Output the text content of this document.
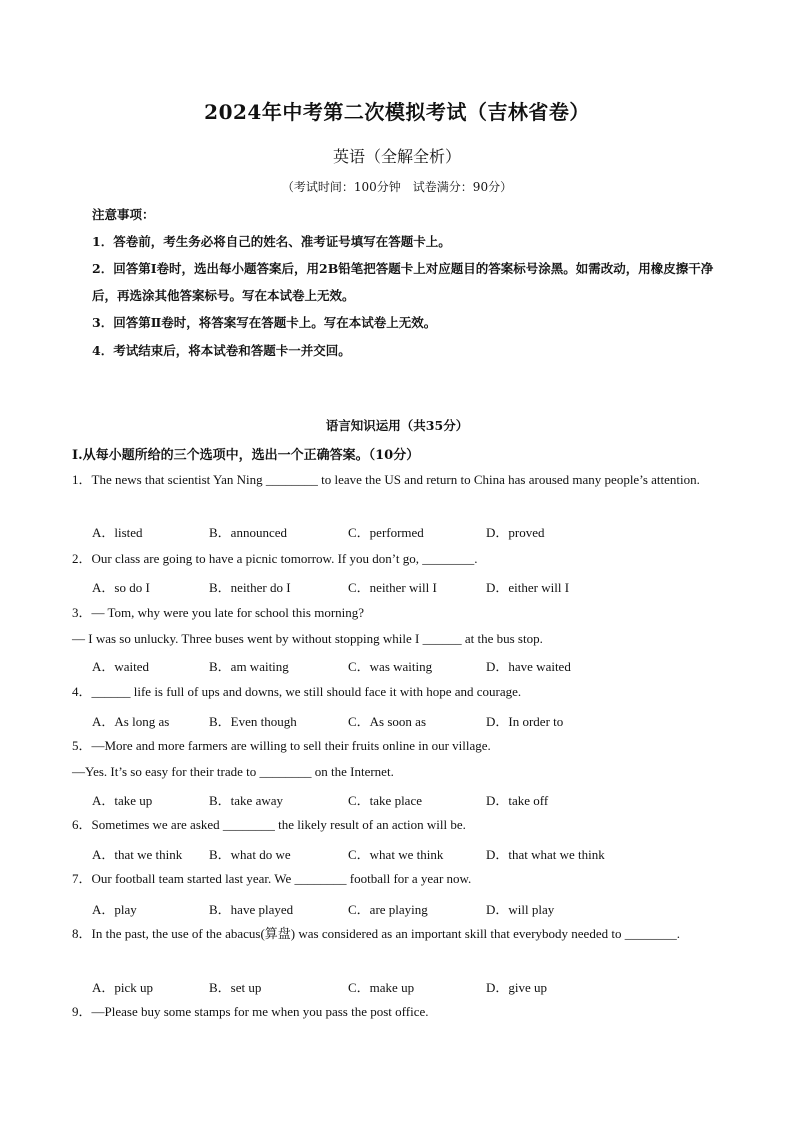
2024年中考第二次模拟考试（吉林省卷）
英语（全解全析）
（考试时间：100分钟　试卷满分：90分）
注意事项：
1．答卷前，考生务必将自己的姓名、准考证号填写在答题卡上。
2．回答第Ⅰ卷时，选出每小题答案后，用2B铅笔把答题卡上对应题目的答案标号涂黑。如需改动，用橡皮擦干净后，再选涂其他答案标号。写在本试卷上无效。
3．回答第Ⅱ卷时，将答案写在答题卡上。写在本试卷上无效。
4．考试结束后，将本试卷和答题卡一并交回。
语言知识运用（共35分）
I.从每小题所给的三个选项中，选出一个正确答案。（10分）
1．The news that scientist Yan Ning ________ to leave the US and return to China has aroused many people’s attention.
A．listed	B．announced	C．performed	D．proved
2．Our class are going to have a picnic tomorrow. If you don’t go, ________.
A．so do I	B．neither do I	C．neither will I	D．either will I
3．— Tom, why were you late for school this morning?
— I was so unlucky. Three buses went by without stopping while I ______ at the bus stop.
A．waited	B．am waiting	C．was waiting	D．have waited
4．______ life is full of ups and downs, we still should face it with hope and courage.
A．As long as	B．Even though	C．As soon as	D．In order to
5．—More and more farmers are willing to sell their fruits online in our village.
—Yes. It’s so easy for their trade to ________ on the Internet.
A．take up	B．take away	C．take place	D．take off
6．Sometimes we are asked ________ the likely result of an action will be.
A．that we think B．what do we	C．what we think	D．that what we think
7．Our football team started last year. We ________ football for a year now.
A．play	B．have played	C．are playing	D．will play
8．In the past, the use of the abacus(算盘) was considered as an important skill that everybody needed to ________.
A．pick up	B．set up	C．make up	D．give up
9．—Please buy some stamps for me when you pass the post office.
